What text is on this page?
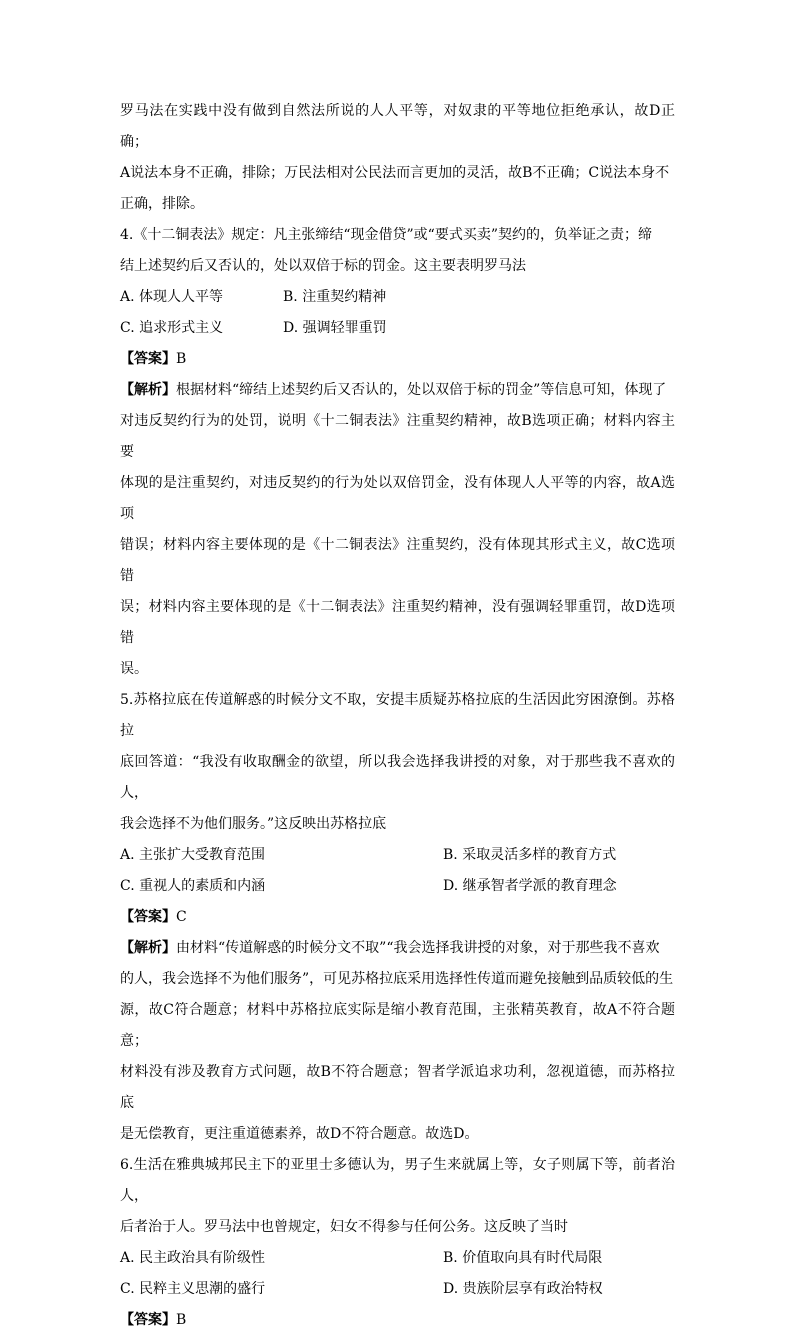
罗马法在实践中没有做到自然法所说的人人平等，对奴隶的平等地位拒绝承认，故D正确；

A说法本身不正确，排除；万民法相对公民法而言更加的灵活，故B不正确；C说法本身不

正确，排除。

4.《十二铜表法》规定：凡主张缔结“现金借贷”或“要式买卖”契约的，负举证之责；缔

结上述契约后又否认的，处以双倍于标的罚金。这主要表明罗马法

A. 体现人人平等	B. 注重契约精神
C. 追求形式主义	D. 强调轻罪重罚

【答案】B

【解析】根据材料“缔结上述契约后又否认的，处以双倍于标的罚金”等信息可知，体现了

对违反契约行为的处罚，说明《十二铜表法》注重契约精神，故B选项正确；材料内容主要

体现的是注重契约，对违反契约的行为处以双倍罚金，没有体现人人平等的内容，故A选项

错误；材料内容主要体现的是《十二铜表法》注重契约，没有体现其形式主义，故C选项错

误；材料内容主要体现的是《十二铜表法》注重契约精神，没有强调轻罪重罚，故D选项错

误。

5.苏格拉底在传道解惑的时候分文不取，安提丰质疑苏格拉底的生活因此穷困潦倒。苏格拉

底回答道：“我没有收取酬金的欲望，所以我会选择我讲授的对象，对于那些我不喜欢的人，

我会选择不为他们服务。”这反映出苏格拉底

A. 主张扩大受教育范围	B. 采取灵活多样的教育方式
C. 重视人的素质和内涵	D. 继承智者学派的教育理念

【答案】C

【解析】由材料“传道解惑的时候分文不取”“我会选择我讲授的对象，对于那些我不喜欢

的人，我会选择不为他们服务”，可见苏格拉底采用选择性传道而避免接触到品质较低的生

源，故C符合题意；材料中苏格拉底实际是缩小教育范围，主张精英教育，故A不符合题意；

材料没有涉及教育方式问题，故B不符合题意；智者学派追求功利，忽视道德，而苏格拉底

是无偿教育，更注重道德素养，故D不符合题意。故选D。

6.生活在雅典城邦民主下的亚里士多德认为，男子生来就属上等，女子则属下等，前者治人，

后者治于人。罗马法中也曾规定，妇女不得参与任何公务。这反映了当时

A. 民主政治具有阶级性	B. 价值取向具有时代局限
C. 民粹主义思潮的盛行	D. 贵族阶层享有政治特权

【答案】B
